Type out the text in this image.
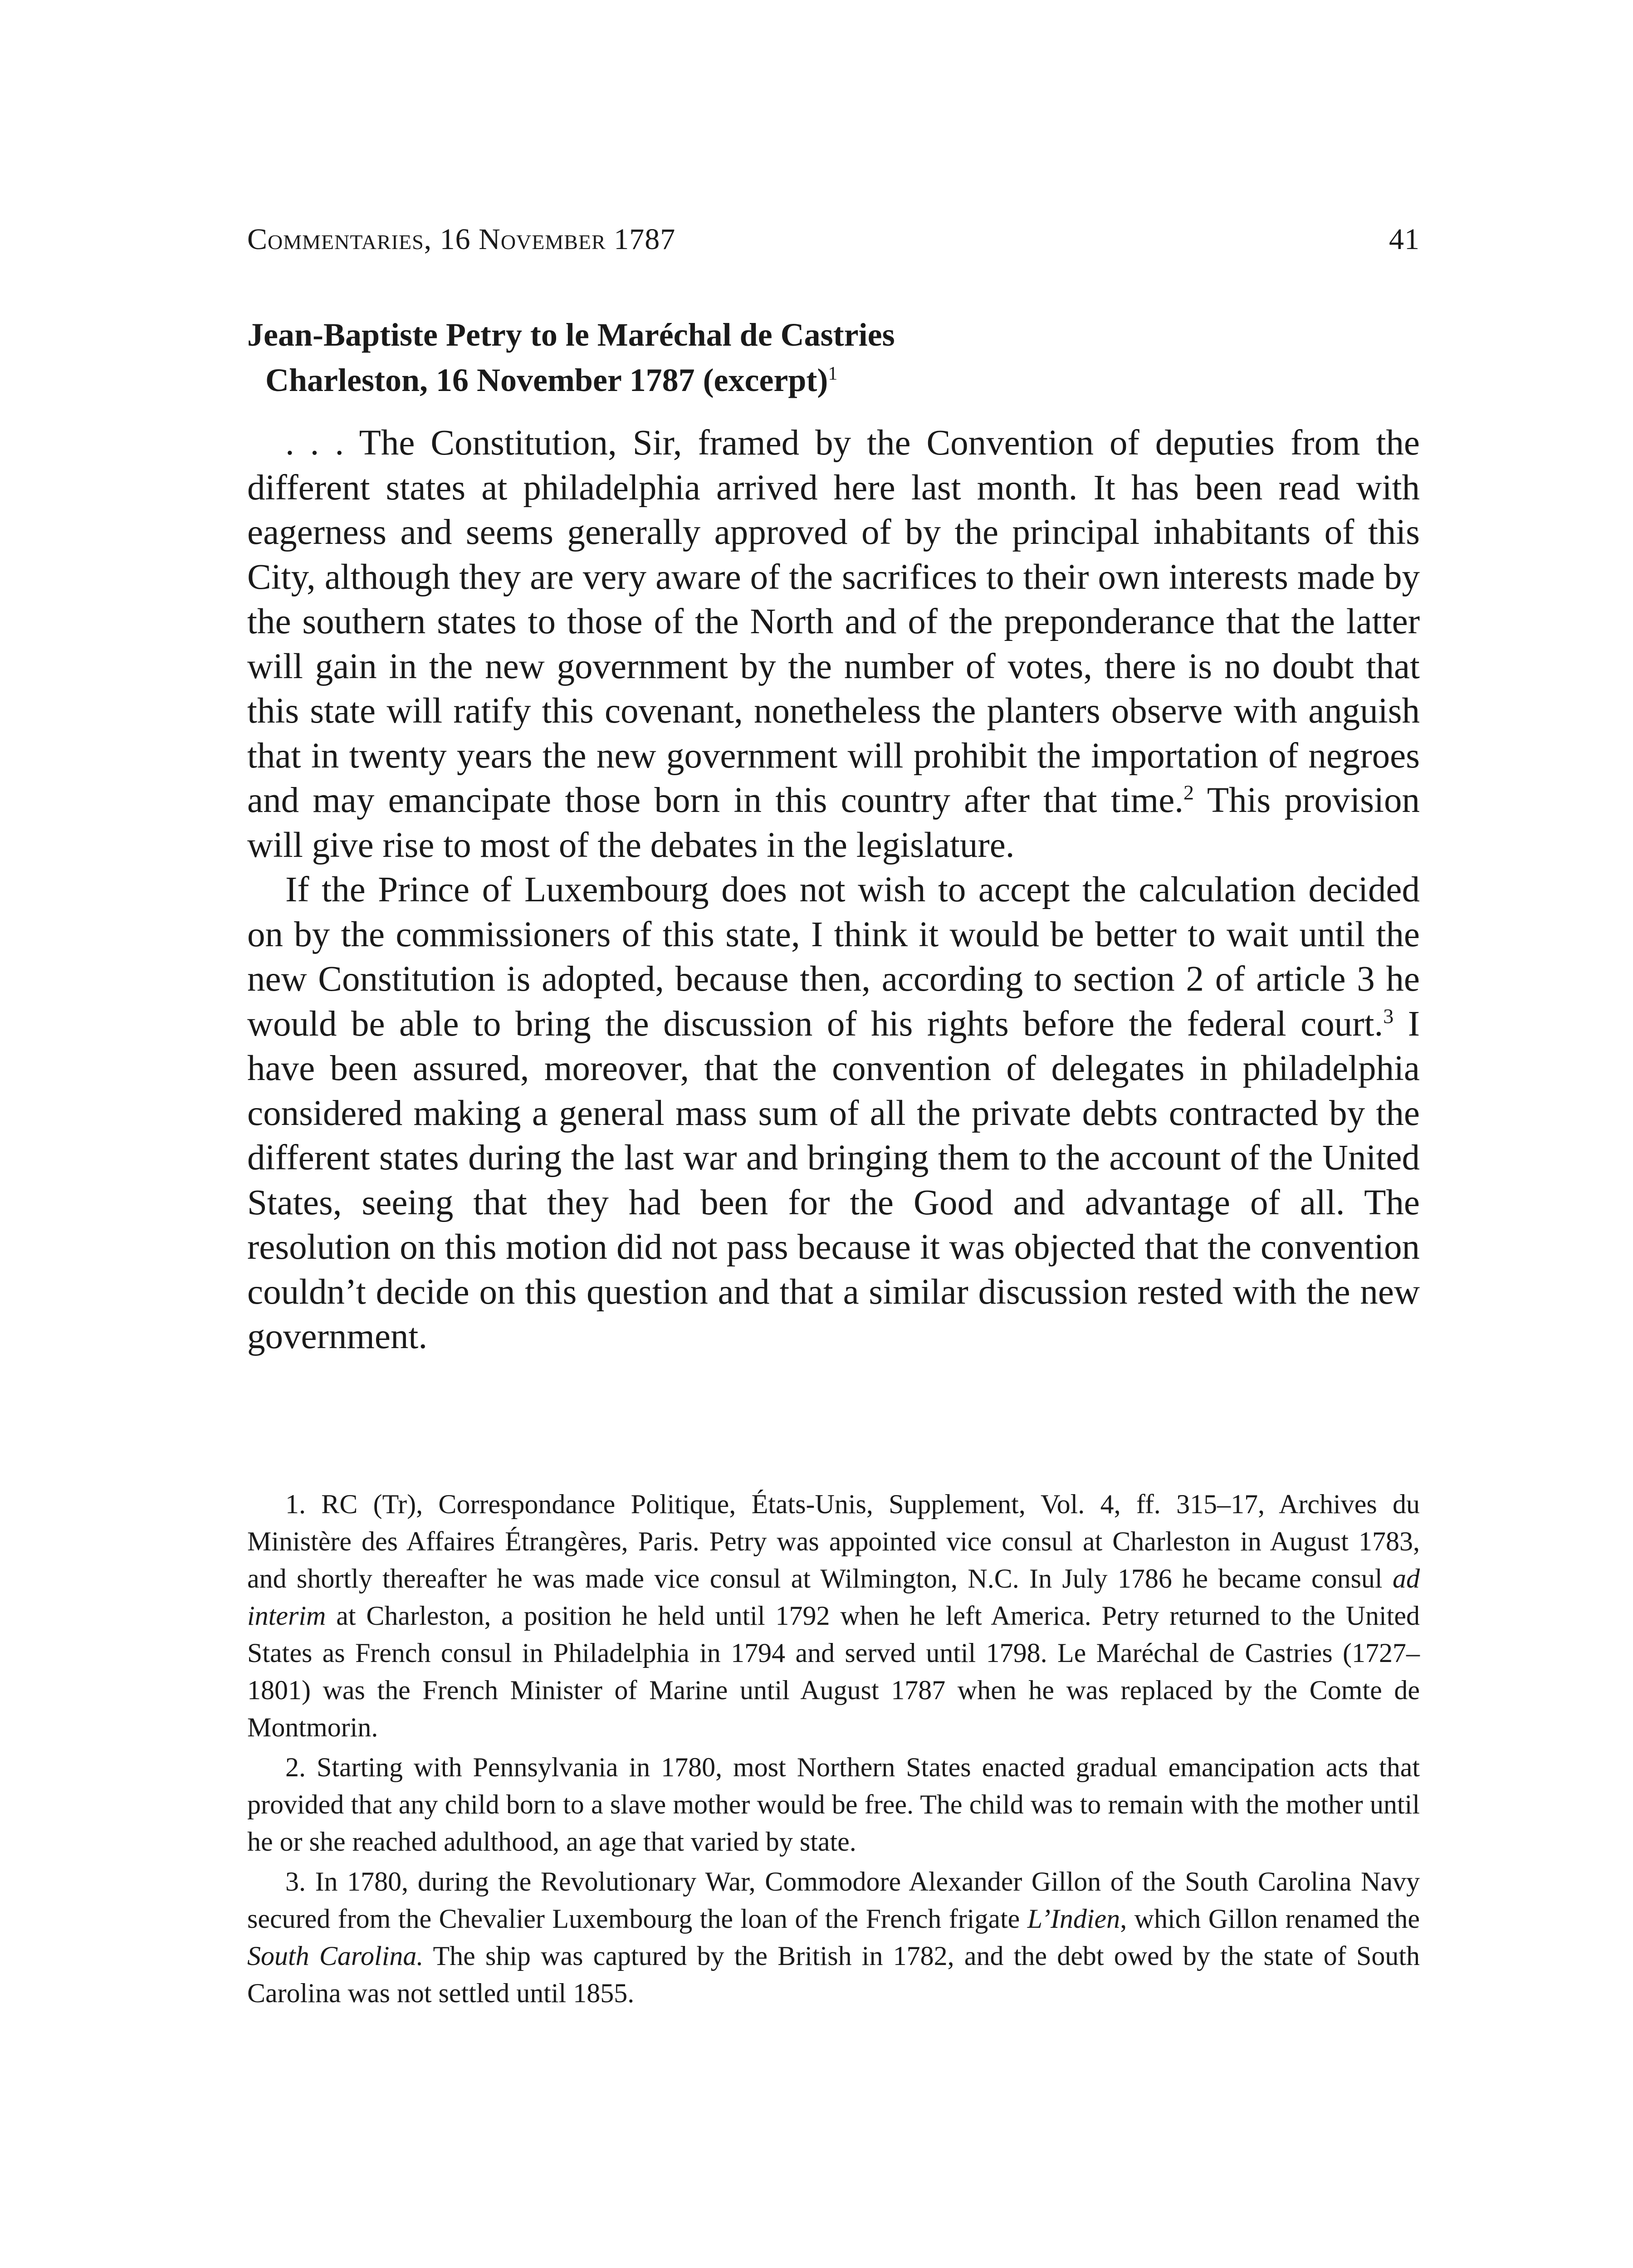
Commentaries, 16 November 1787	41
Jean-Baptiste Petry to le Maréchal de Castries
Charleston, 16 November 1787 (excerpt)$^1$

. . . The Constitution, Sir, framed by the Convention of deputies from the different states at philadelphia arrived here last month. It has been read with eagerness and seems generally approved of by the principal inhabitants of this City, although they are very aware of the sacrifices to their own interests made by the southern states to those of the North and of the preponderance that the latter will gain in the new government by the number of votes, there is no doubt that this state will ratify this covenant, nonetheless the planters observe with anguish that in twenty years the new government will prohibit the importation of negroes and may emancipate those born in this country after that time.$^2$ This provision will give rise to most of the debates in the legislature.

If the Prince of Luxembourg does not wish to accept the calculation decided on by the commissioners of this state, I think it would be better to wait until the new Constitution is adopted, because then, according to section 2 of article 3 he would be able to bring the discussion of his rights before the federal court.$^3$ I have been assured, moreover, that the convention of delegates in philadelphia considered making a general mass sum of all the private debts contracted by the different states during the last war and bringing them to the account of the United States, seeing that they had been for the Good and advantage of all. The resolution on this motion did not pass because it was objected that the convention couldn’t decide on this question and that a similar discussion rested with the new government.

1. RC (Tr), Correspondance Politique, États-Unis, Supplement, Vol. 4, ff. 315–17, Archives du Ministère des Affaires Étrangères, Paris. Petry was appointed vice consul at Charleston in August 1783, and shortly thereafter he was made vice consul at Wilmington, N.C. In July 1786 he became consul ad interim at Charleston, a position he held until 1792 when he left America. Petry returned to the United States as French consul in Philadelphia in 1794 and served until 1798. Le Maréchal de Castries (1727–1801) was the French Minister of Marine until August 1787 when he was replaced by the Comte de Montmorin.

2. Starting with Pennsylvania in 1780, most Northern States enacted gradual emancipation acts that provided that any child born to a slave mother would be free. The child was to remain with the mother until he or she reached adulthood, an age that varied by state.

3. In 1780, during the Revolutionary War, Commodore Alexander Gillon of the South Carolina Navy secured from the Chevalier Luxembourg the loan of the French frigate L’Indien, which Gillon renamed the South Carolina. The ship was captured by the British in 1782, and the debt owed by the state of South Carolina was not settled until 1855.
